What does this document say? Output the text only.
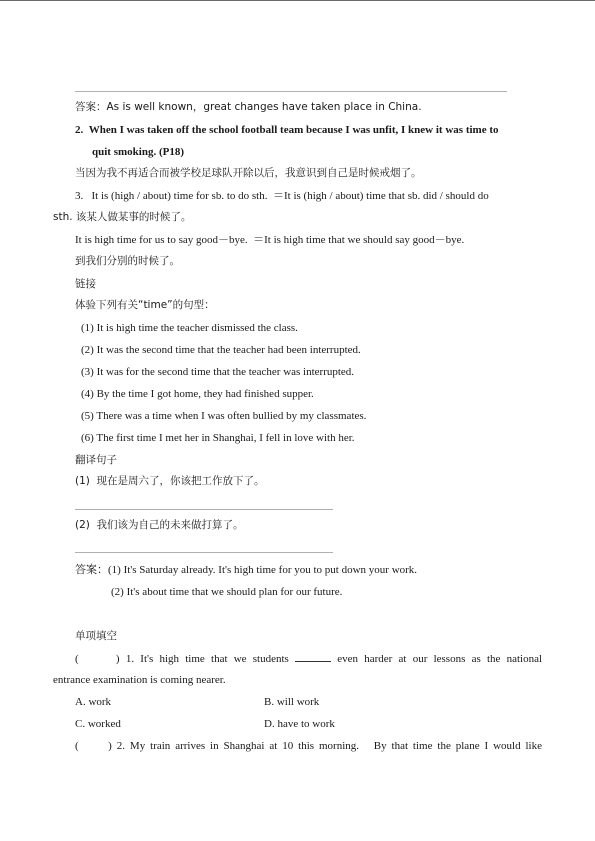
答案：As is well known，great changes have taken place in China.
2.  When I was taken off the school football team because I was unfit, I knew it was time to
quit smoking. (P18)
当因为我不再适合而被学校足球队开除以后，我意识到自己是时候戒烟了。
3.   It is (high / about) time for sb. to do sth.  ＝It is (high / about) time that sb. did / should do
sth. 该某人做某事的时候了。
It is high time for us to say good－bye.  ＝It is high time that we should say good－bye.
到我们分别的时候了。
链接
体验下列有关“time”的句型：
(1) It is high time the teacher dismissed the class.
(2) It was the second time that the teacher had been interrupted.
(3) It was for the second time that the teacher was interrupted.
(4) By the time I got home, they had finished supper.
(5) There was a time when I was often bullied by my classmates.
(6) The first time I met her in Shanghai, I fell in love with her.
翻译句子
(1)  现在是周六了，你该把工作放下了。
(2)  我们该为自己的未来做打算了。
答案：(1) It's Saturday already. It's high time for you to put down your work.
(2) It's about time that we should plan for our future.
单项填空
(      ) 1. It's high time that we students	even harder at our lessons as the national
entrance examination is coming nearer.
A. work	B. will work
C. worked	D. have to work
(      ) 2. My train arrives in Shanghai at 10 this morning.   By that time the plane I would like
